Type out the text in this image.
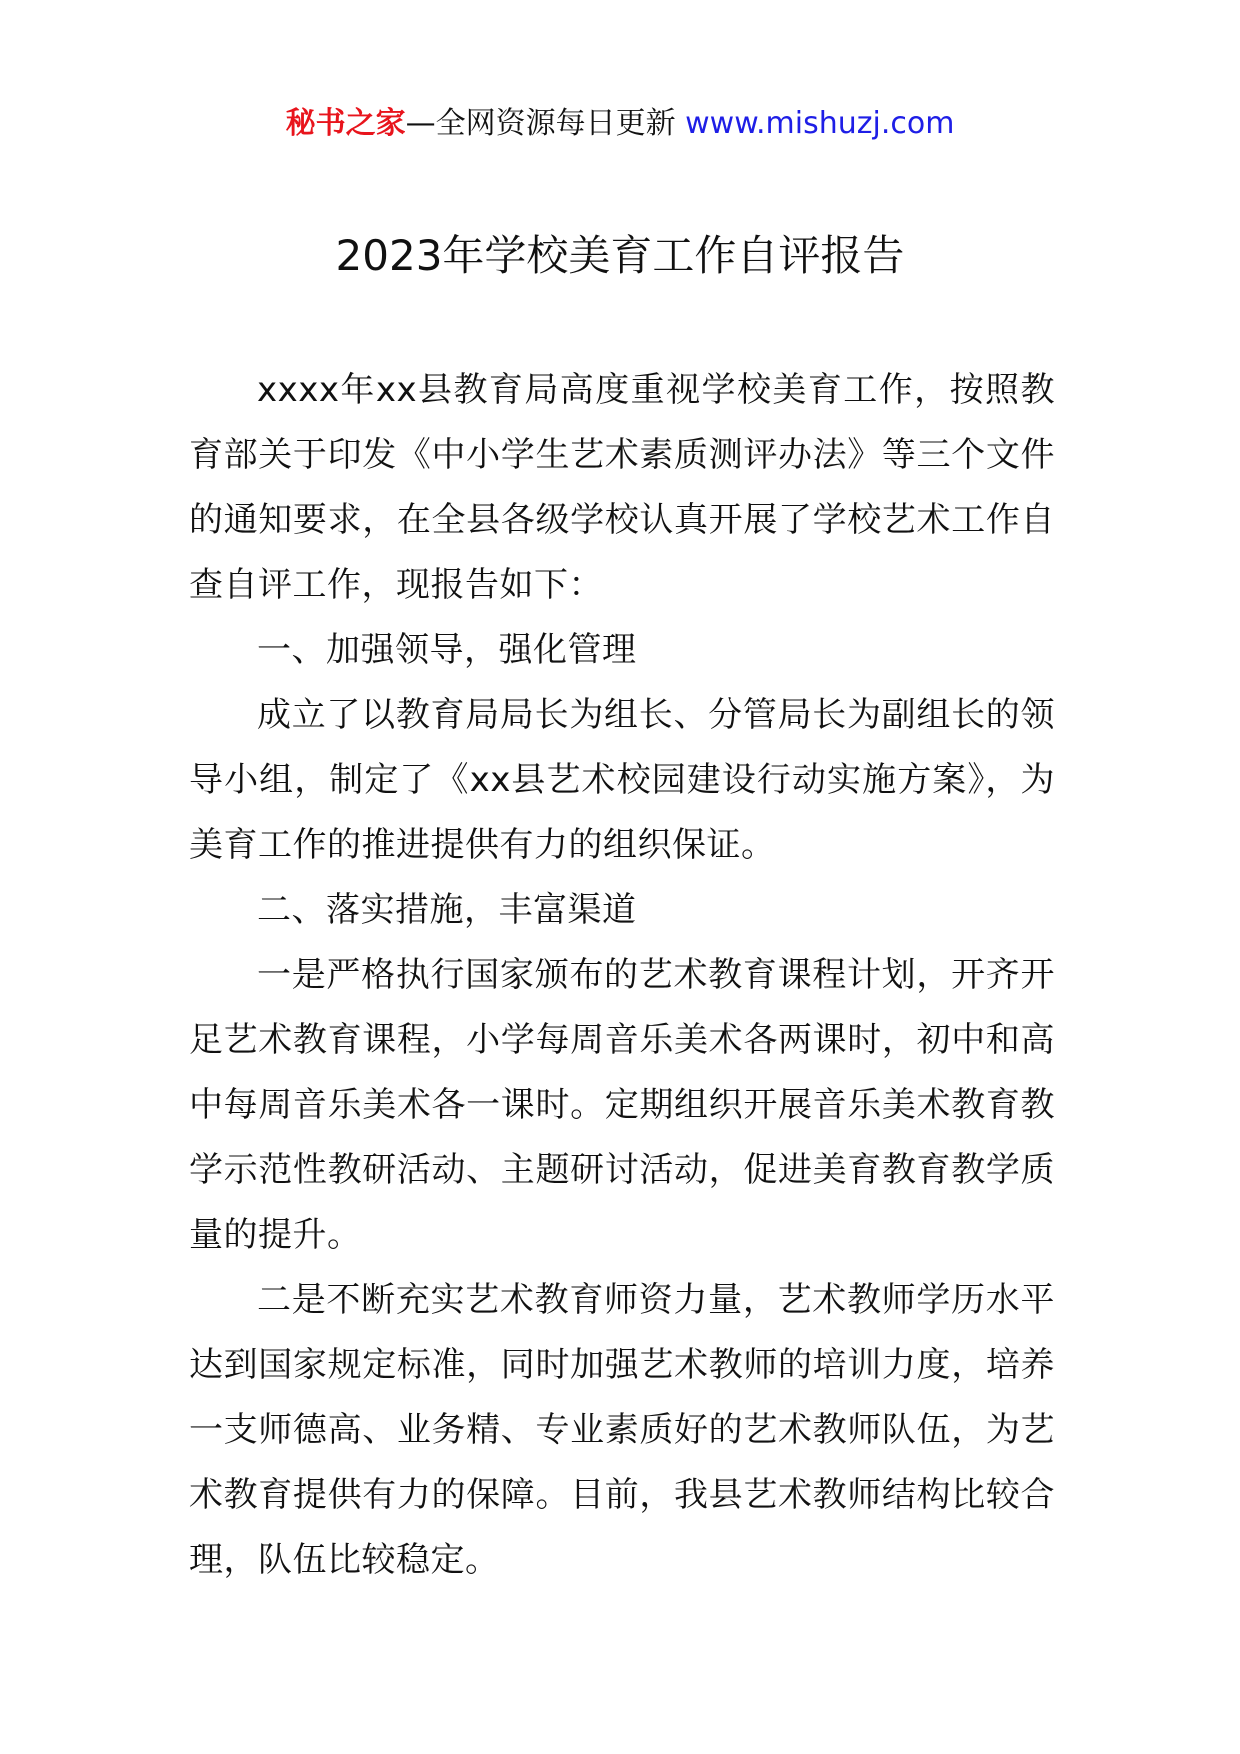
秘书之家—全网资源每日更新 www.mishuzj.com
2023年学校美育工作自评报告

xxxx年xx县教育局高度重视学校美育工作，按照教育部关于印发《中小学生艺术素质测评办法》等三个文件的通知要求，在全县各级学校认真开展了学校艺术工作自查自评工作，现报告如下：

一、加强领导，强化管理

成立了以教育局局长为组长、分管局长为副组长的领导小组，制定了《xx县艺术校园建设行动实施方案》，为美育工作的推进提供有力的组织保证。

二、落实措施，丰富渠道

一是严格执行国家颁布的艺术教育课程计划，开齐开足艺术教育课程，小学每周音乐美术各两课时，初中和高中每周音乐美术各一课时。定期组织开展音乐美术教育教学示范性教研活动、主题研讨活动，促进美育教育教学质量的提升。

二是不断充实艺术教育师资力量，艺术教师学历水平达到国家规定标准，同时加强艺术教师的培训力度，培养一支师德高、业务精、专业素质好的艺术教师队伍，为艺术教育提供有力的保障。目前，我县艺术教师结构比较合理，队伍比较稳定。
